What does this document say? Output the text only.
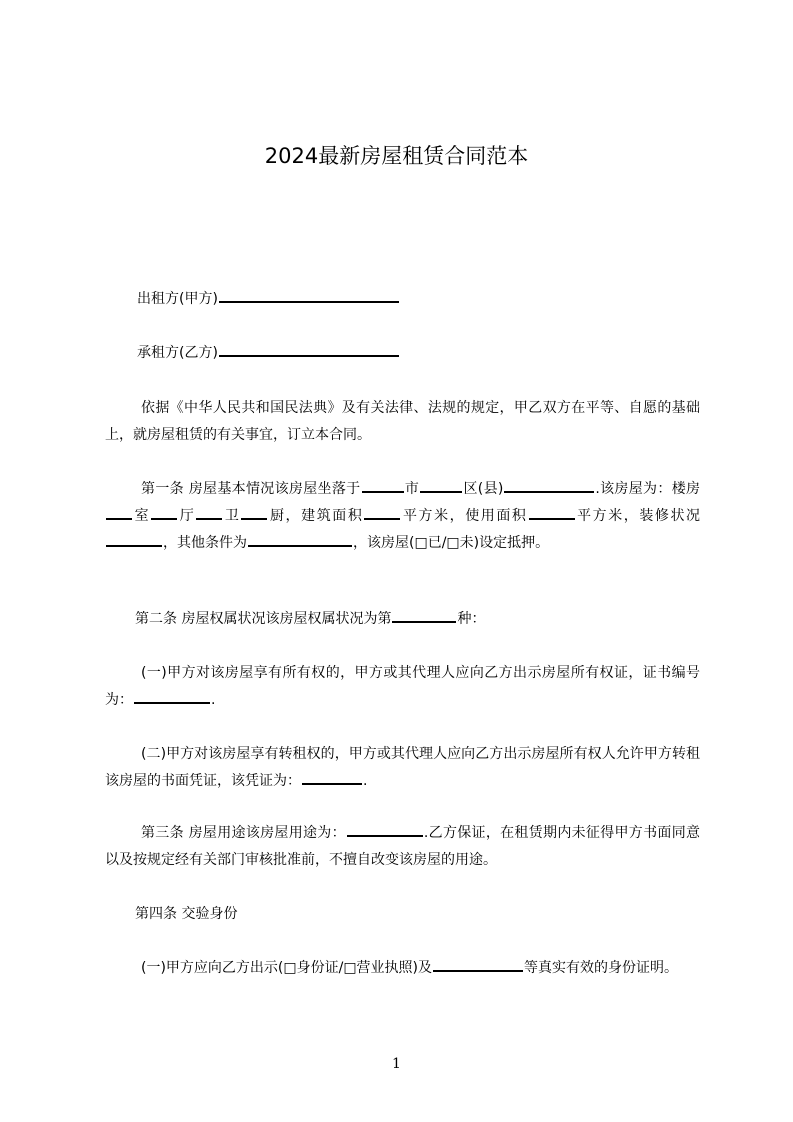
2024最新房屋租赁合同范本

出租方(甲方)

承租方(乙方)

依据《中华人民共和国民法典》及有关法律、法规的规定，甲乙双方在平等、自愿的基础上，就房屋租赁的有关事宜，订立本合同。

第一条 房屋基本情况该房屋坐落于	市	区(县)	.该房屋为：楼房室 厅 卫 厨，建筑面积	平方米，使用面积	平方米，装修状况，其他条件为	，该房屋(□已/□未)设定抵押。

第二条 房屋权属状况该房屋权属状况为第	种：

(一)甲方对该房屋享有所有权的，甲方或其代理人应向乙方出示房屋所有权证，证书编号为：	.

(二)甲方对该房屋享有转租权的，甲方或其代理人应向乙方出示房屋所有权人允许甲方转租该房屋的书面凭证，该凭证为：	.

第三条 房屋用途该房屋用途为：	.乙方保证，在租赁期内未征得甲方书面同意以及按规定经有关部门审核批准前，不擅自改变该房屋的用途。

第四条 交验身份

(一)甲方应向乙方出示(□身份证/□营业执照)及	等真实有效的身份证明。

1
